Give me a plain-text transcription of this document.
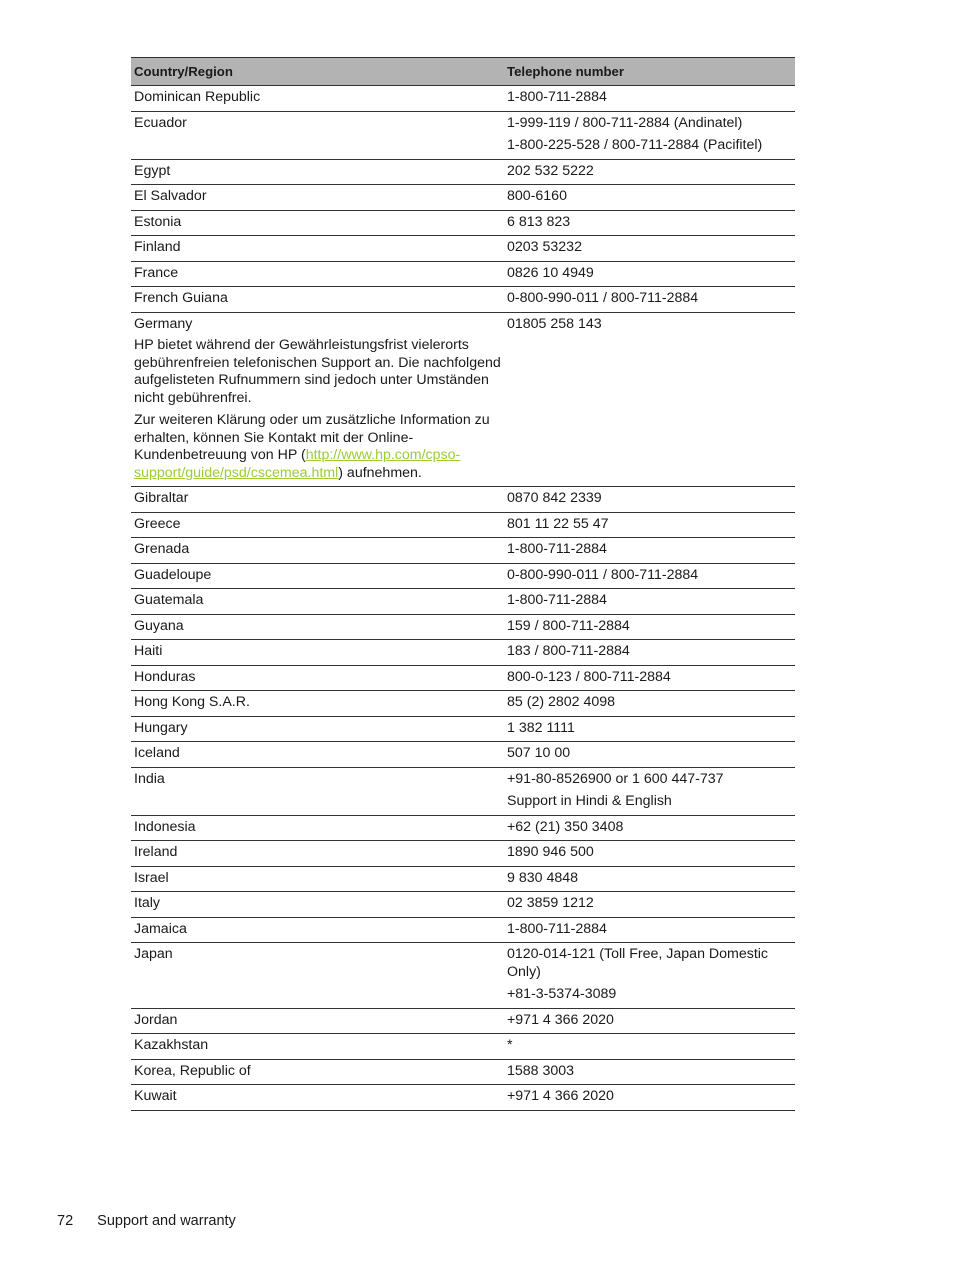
Country/Region	Telephone number

Dominican Republic	1-800-711-2884

Ecuador	1-999-119 / 800-711-2884 (Andinatel)
1-800-225-528 / 800-711-2884 (Pacifitel)

Egypt	202 532 5222

El Salvador	800-6160

Estonia	6 813 823

Finland	0203 53232

France	0826 10 4949

French Guiana	0-800-990-011 / 800-711-2884

Germany
HP bietet während der Gewährleistungsfrist vielerorts gebührenfreien telefonischen Support an. Die nachfolgend aufgelisteten Rufnummern sind jedoch unter Umständen nicht gebührenfrei.
Zur weiteren Klärung oder um zusätzliche Information zu erhalten, können Sie Kontakt mit der Online-Kundenbetreuung von HP (http://www.hp.com/cpso-support/guide/psd/cscemea.html) aufnehmen.	01805 258 143

Gibraltar	0870 842 2339

Greece	801 11 22 55 47

Grenada	1-800-711-2884

Guadeloupe	0-800-990-011 / 800-711-2884

Guatemala	1-800-711-2884

Guyana	159 / 800-711-2884

Haiti	183 / 800-711-2884

Honduras	800-0-123 / 800-711-2884

Hong Kong S.A.R.	85 (2) 2802 4098

Hungary	1 382 1111

Iceland	507 10 00

India	+91-80-8526900 or 1 600 447-737
Support in Hindi & English

Indonesia	+62 (21) 350 3408

Ireland	1890 946 500

Israel	9 830 4848

Italy	02 3859 1212

Jamaica	1-800-711-2884

Japan	0120-014-121 (Toll Free, Japan Domestic Only)
+81-3-5374-3089

Jordan	+971 4 366 2020

Kazakhstan	*

Korea, Republic of	1588 3003

Kuwait	+971 4 366 2020
72 Support and warranty
